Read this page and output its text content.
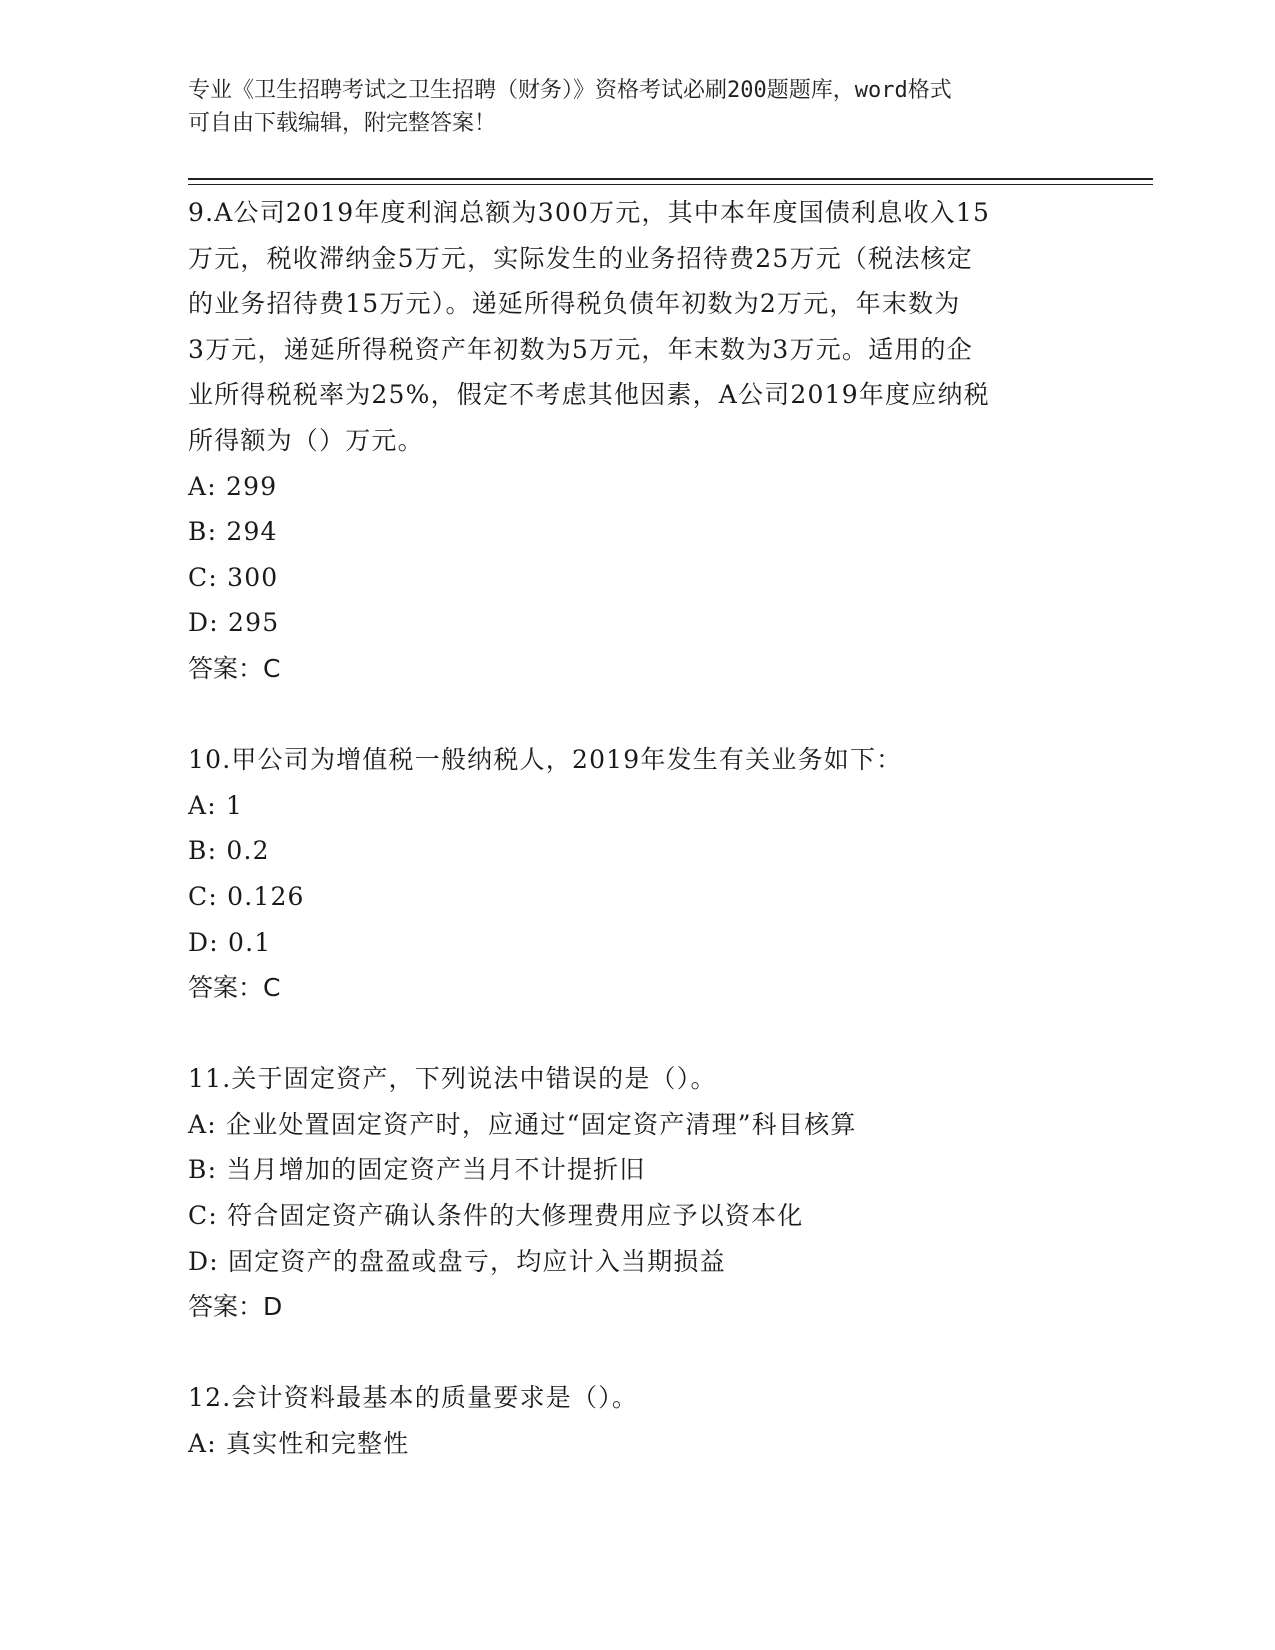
专业《卫生招聘考试之卫生招聘（财务）》资格考试必刷200题题库，word格式
可自由下载编辑，附完整答案！

9.A公司2019年度利润总额为300万元，其中本年度国债利息收入15

万元，税收滞纳金5万元，实际发生的业务招待费25万元（税法核定

的业务招待费15万元）。递延所得税负债年初数为2万元，年末数为

3万元，递延所得税资产年初数为5万元，年末数为3万元。适用的企

业所得税税率为25%，假定不考虑其他因素，A公司2019年度应纳税

所得额为（）万元。

A: 299

B: 294

C: 300

D: 295

答案：C

10.甲公司为增值税一般纳税人，2019年发生有关业务如下：

A: 1

B: 0.2

C: 0.126

D: 0.1

答案：C

11.关于固定资产，下列说法中错误的是（）。

A: 企业处置固定资产时，应通过“固定资产清理”科目核算

B: 当月增加的固定资产当月不计提折旧

C: 符合固定资产确认条件的大修理费用应予以资本化

D: 固定资产的盘盈或盘亏，均应计入当期损益

答案：D

12.会计资料最基本的质量要求是（）。

A: 真实性和完整性
